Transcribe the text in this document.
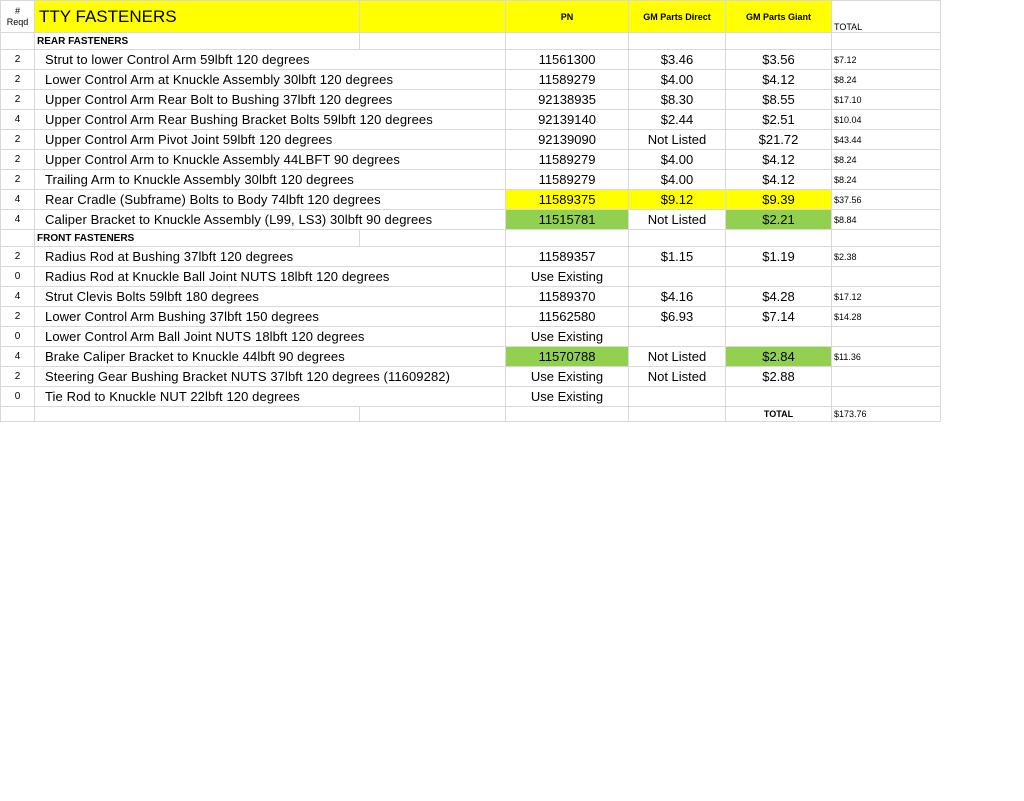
#
Reqd	TTY FASTENERS		PN	GM Parts Direct	GM Parts Giant	TOTAL
	REAR FASTENERS					
2	Strut to lower Control Arm 59lbft 120 degrees		11561300	$3.46	$3.56	$7.12
2	Lower Control Arm at Knuckle Assembly 30lbft 120 degrees		11589279	$4.00	$4.12	$8.24
2	Upper Control Arm Rear Bolt to Bushing 37lbft 120 degrees		92138935	$8.30	$8.55	$17.10
4	Upper Control Arm Rear Bushing Bracket Bolts 59lbft 120 degrees		92139140	$2.44	$2.51	$10.04
2	Upper Control Arm Pivot Joint 59lbft 120 degrees		92139090	Not Listed	$21.72	$43.44
2	Upper Control Arm to Knuckle Assembly 44LBFT 90 degrees		11589279	$4.00	$4.12	$8.24
2	Trailing Arm to Knuckle Assembly 30lbft 120 degrees		11589279	$4.00	$4.12	$8.24
4	Rear Cradle (Subframe) Bolts to Body 74lbft 120 degrees		11589375	$9.12	$9.39	$37.56
4	Caliper Bracket to Knuckle Assembly (L99, LS3) 30lbft 90 degrees		11515781	Not Listed	$2.21	$8.84
	FRONT FASTENERS					
2	Radius Rod at Bushing 37lbft 120 degrees		11589357	$1.15	$1.19	$2.38
0	Radius Rod at Knuckle Ball Joint NUTS 18lbft 120 degrees		Use Existing			
4	Strut Clevis Bolts 59lbft 180 degrees		11589370	$4.16	$4.28	$17.12
2	Lower Control Arm Bushing 37lbft 150 degrees		11562580	$6.93	$7.14	$14.28
0	Lower Control Arm Ball Joint NUTS 18lbft 120 degrees		Use Existing			
4	Brake Caliper Bracket to Knuckle 44lbft 90 degrees		11570788	Not Listed	$2.84	$11.36
2	Steering Gear Bushing Bracket NUTS 37lbft 120 degrees (11609282)		Use Existing	Not Listed	$2.88	
0	Tie Rod to Knuckle NUT 22lbft 120 degrees		Use Existing			
					TOTAL	$173.76
